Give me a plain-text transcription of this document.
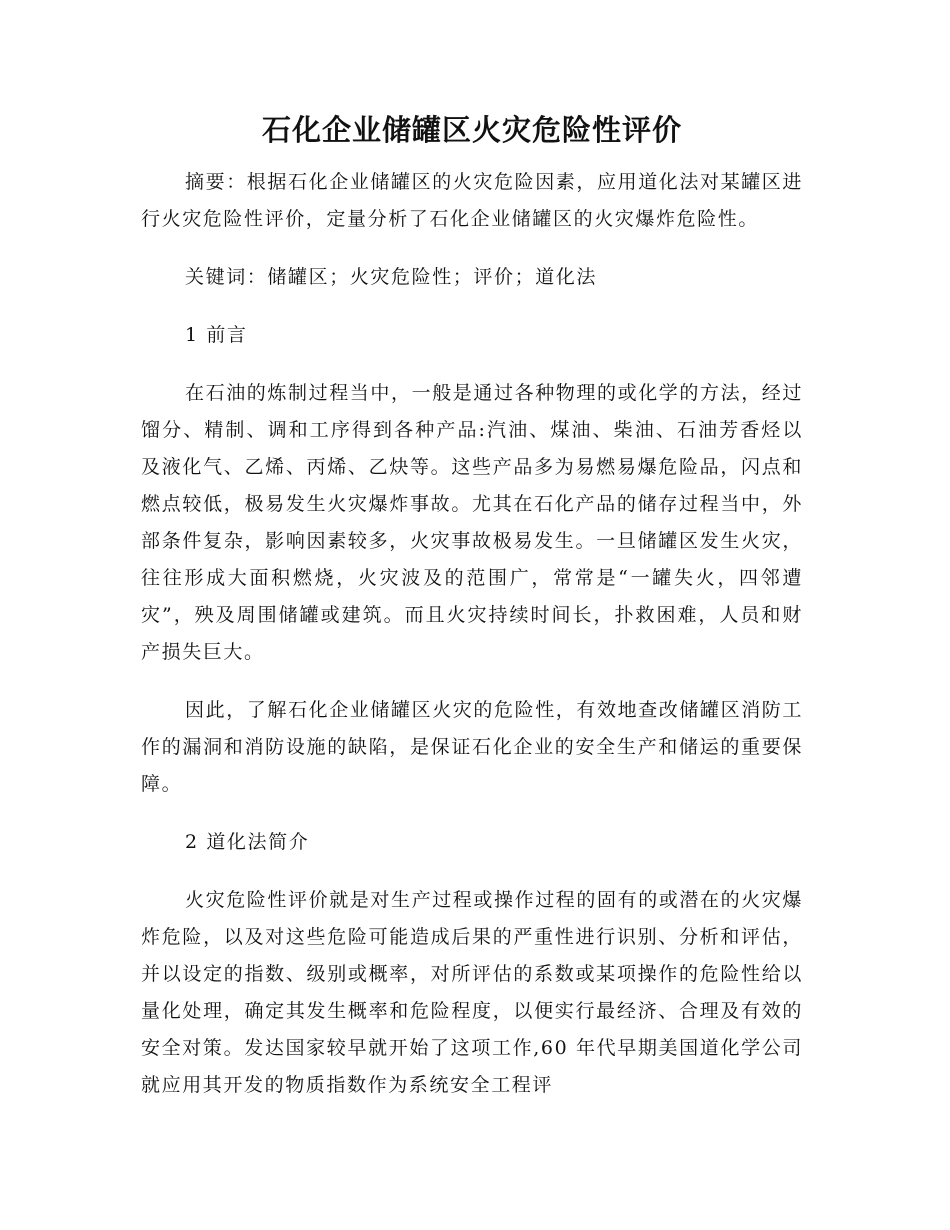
石化企业储罐区火灾危险性评价

摘要：根据石化企业储罐区的火灾危险因素，应用道化法对某罐区进行火灾危险性评价，定量分析了石化企业储罐区的火灾爆炸危险性。

关键词：储罐区；火灾危险性；评价；道化法

1 前言

在石油的炼制过程当中，一般是通过各种物理的或化学的方法，经过馏分、精制、调和工序得到各种产品:汽油、煤油、柴油、石油芳香烃以及液化气、乙烯、丙烯、乙炔等。这些产品多为易燃易爆危险品，闪点和燃点较低，极易发生火灾爆炸事故。尤其在石化产品的储存过程当中，外部条件复杂，影响因素较多，火灾事故极易发生。一旦储罐区发生火灾，往往形成大面积燃烧，火灾波及的范围广，常常是“一罐失火，四邻遭灾”，殃及周围储罐或建筑。而且火灾持续时间长，扑救困难，人员和财产损失巨大。

因此，了解石化企业储罐区火灾的危险性，有效地查改储罐区消防工作的漏洞和消防设施的缺陷，是保证石化企业的安全生产和储运的重要保障。

2 道化法简介

火灾危险性评价就是对生产过程或操作过程的固有的或潜在的火灾爆炸危险，以及对这些危险可能造成后果的严重性进行识别、分析和评估，并以设定的指数、级别或概率，对所评估的系数或某项操作的危险性给以量化处理，确定其发生概率和危险程度，以便实行最经济、合理及有效的安全对策。发达国家较早就开始了这项工作,60 年代早期美国道化学公司就应用其开发的物质指数作为系统安全工程评
